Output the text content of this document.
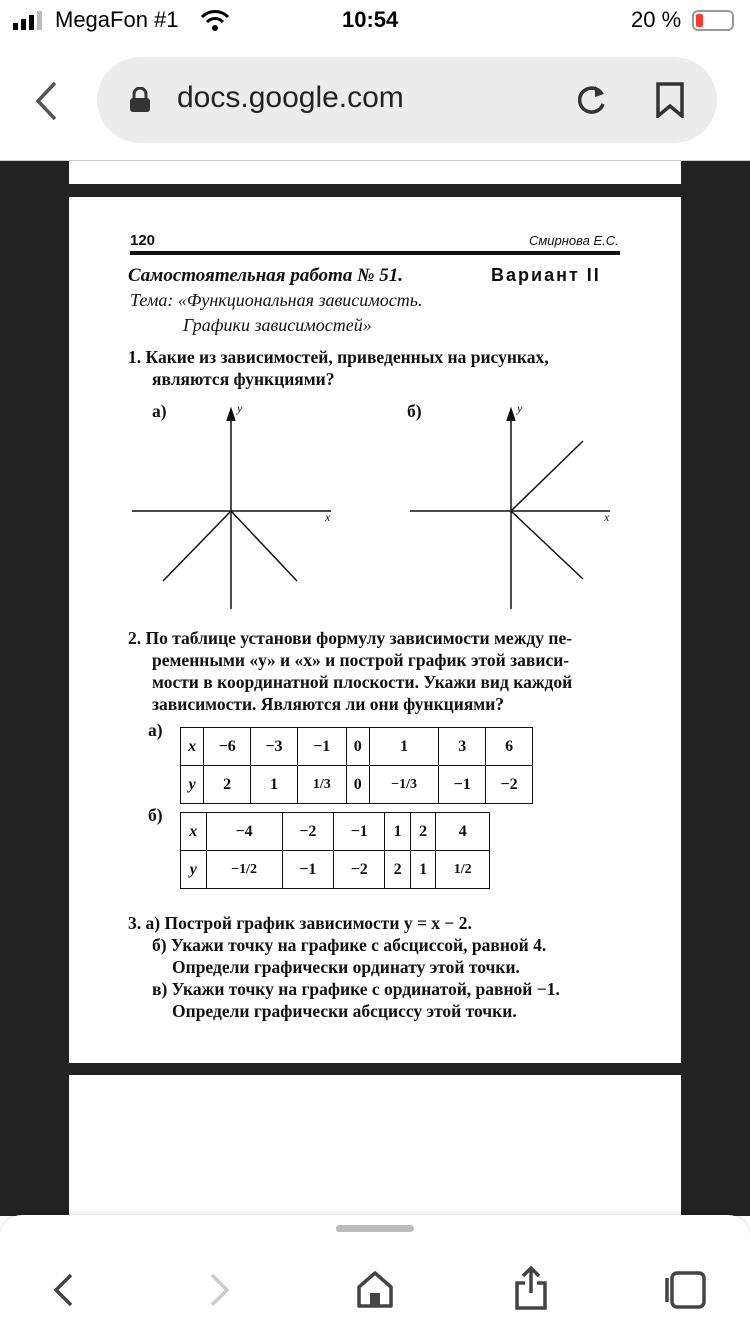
MegaFon #1	10:54	20 %
docs.google.com
120	Смирнова Е.С.
Самостоятельная работа № 51.	Вариант II
Тема: «Функциональная зависимость.
Графики зависимостей»
1. Какие из зависимостей, приведенных на рисунках,
являются функциями?
а)	б)
y
x
y
x
2. По таблице установи формулу зависимости между пе-
ременными «y» и «x» и построй график этой зависи-
мости в координатной плоскости. Укажи вид каждой
зависимости. Являются ли они функциями?
а)
x	−6	−3	−1	0	1	3	6
y	2	1	1/3	0	−1/3	−1	−2
б)
x	−4	−2	−1	1	2	4
y	−1/2	−1	−2	2	1	1/2
3. а) Построй график зависимости y = x − 2.
б) Укажи точку на графике с абсциссой, равной 4.
Определи графически ординату этой точки.
в) Укажи точку на графике с ординатой, равной −1.
Определи графически абсциссу этой точки.
